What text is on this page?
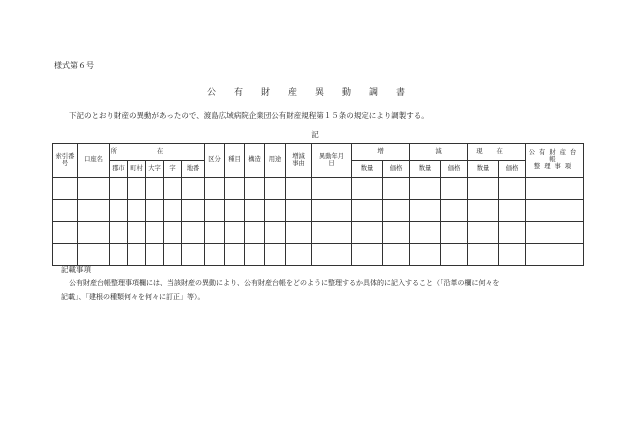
様式第６号
公有財産異動調書
下記のとおり財産の異動があったので、渡島広域病院企業団公有財産規程第１５条の規定により調製する。
記
索引番号	口座名	所在					区分	種目	構造	用途	増減事由	異動年月日	増		減		現在		公有財産台帳
整理事項

		郡市	町村	大字	字	地番							数量	価格	数量	価格	数量	価格	

記載事項
公有財産台帳整理事項欄には、当該財産の異動により、公有財産台帳をどのように整理するか具体的に記入すること（「沿革の欄に何々を
記載」、「建根の種類何々を何々に訂正」等）。
